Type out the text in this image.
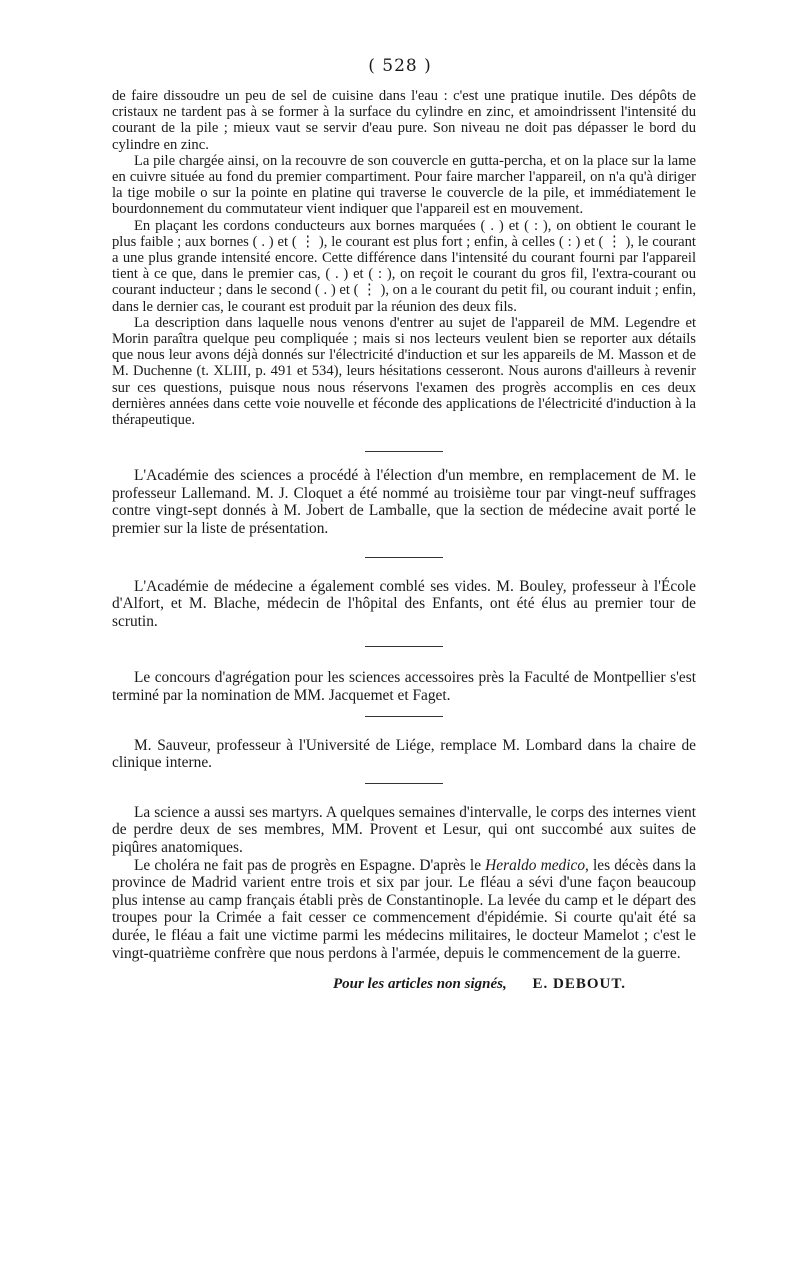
( 528 )

de faire dissoudre un peu de sel de cuisine dans l'eau : c'est une pratique inutile. Des dépôts de cristaux ne tardent pas à se former à la surface du cylindre en zinc, et amoindrissent l'intensité du courant de la pile ; mieux vaut se servir d'eau pure. Son niveau ne doit pas dépasser le bord du cylindre en zinc.

La pile chargée ainsi, on la recouvre de son couvercle en gutta-percha, et on la place sur la lame en cuivre située au fond du premier compartiment. Pour faire marcher l'appareil, on n'a qu'à diriger la tige mobile o sur la pointe en platine qui traverse le couvercle de la pile, et immédiatement le bourdonnement du commutateur vient indiquer que l'appareil est en mouvement.

En plaçant les cordons conducteurs aux bornes marquées ( . ) et ( : ), on obtient le courant le plus faible ; aux bornes ( . ) et ( ⋮ ), le courant est plus fort ; enfin, à celles ( : ) et ( ⋮ ), le courant a une plus grande intensité encore. Cette différence dans l'intensité du courant fourni par l'appareil tient à ce que, dans le premier cas, ( . ) et ( : ), on reçoit le courant du gros fil, l'extra-courant ou courant inducteur ; dans le second ( . ) et ( ⋮ ), on a le courant du petit fil, ou courant induit ; enfin, dans le dernier cas, le courant est produit par la réunion des deux fils.

La description dans laquelle nous venons d'entrer au sujet de l'appareil de MM. Legendre et Morin paraîtra quelque peu compliquée ; mais si nos lecteurs veulent bien se reporter aux détails que nous leur avons déjà donnés sur l'électricité d'induction et sur les appareils de M. Masson et de M. Duchenne (t. XLIII, p. 491 et 534), leurs hésitations cesseront. Nous aurons d'ailleurs à revenir sur ces questions, puisque nous nous réservons l'examen des progrès accomplis en ces deux dernières années dans cette voie nouvelle et féconde des applications de l'électricité d'induction à la thérapeutique.

L'Académie des sciences a procédé à l'élection d'un membre, en remplacement de M. le professeur Lallemand. M. J. Cloquet a été nommé au troisième tour par vingt-neuf suffrages contre vingt-sept donnés à M. Jobert de Lamballe, que la section de médecine avait porté le premier sur la liste de présentation.

L'Académie de médecine a également comblé ses vides. M. Bouley, professeur à l'École d'Alfort, et M. Blache, médecin de l'hôpital des Enfants, ont été élus au premier tour de scrutin.

Le concours d'agrégation pour les sciences accessoires près la Faculté de Montpellier s'est terminé par la nomination de MM. Jacquemet et Faget.

M. Sauveur, professeur à l'Université de Liége, remplace M. Lombard dans la chaire de clinique interne.

La science a aussi ses martyrs. A quelques semaines d'intervalle, le corps des internes vient de perdre deux de ses membres, MM. Provent et Lesur, qui ont succombé aux suites de piqûres anatomiques.

Le choléra ne fait pas de progrès en Espagne. D'après le Heraldo medico, les décès dans la province de Madrid varient entre trois et six par jour. Le fléau a sévi d'une façon beaucoup plus intense au camp français établi près de Constantinople. La levée du camp et le départ des troupes pour la Crimée a fait cesser ce commencement d'épidémie. Si courte qu'ait été sa durée, le fléau a fait une victime parmi les médecins militaires, le docteur Mamelot ; c'est le vingt-quatrième confrère que nous perdons à l'armée, depuis le commencement de la guerre.

Pour les articles non signés, E. DEBOUT.
